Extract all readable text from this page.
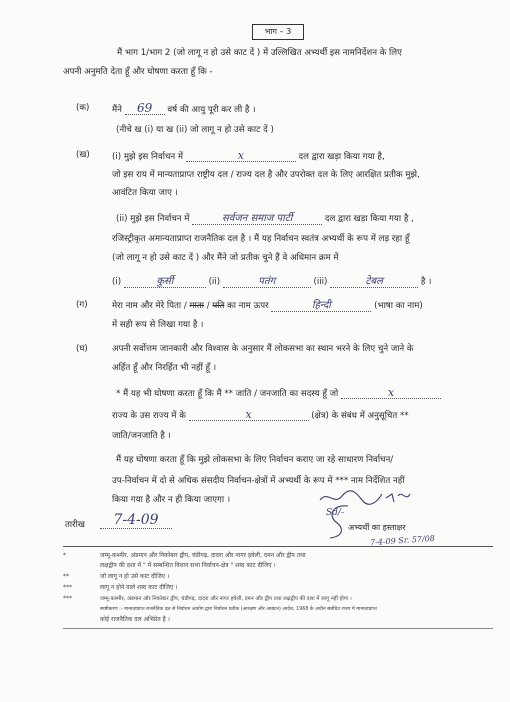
भाग – 3
मैं भाग 1/भाग 2 (जो लागू न हो उसे काट दें ) में उल्लिखित अभ्यर्थी इस नामनिर्देशन के लिए
अपनी अनुमति देता हूँ और घोषणा करता हूँ कि -
(क)	मैंने 69 वर्ष की आयु पूरी कर ली है ।
(नीचे ख (i) या ख (ii) जो लागू न हो उसे काट दें )
(ख)	(i) मुझे इस निर्वाचन में	x	दल द्वारा खड़ा किया गया है,
जो इस राय में मान्यताप्राप्त राष्ट्रीय दल / राज्य दल है और उपरोक्त दल के लिए आरक्षित प्रतीक मुझे,
आवंटित किया जाए ।
(ii) मुझे इस निर्वाचन में	सर्वजन समाज पार्टी	दल द्वारा खड़ा किया गया है ,
रजिस्ट्रीकृत अमान्यताप्राप्त राजनैतिक दल है । मैं यह निर्वाचन स्वतंत्र अभ्यर्थी के रूप में लड़ रहा हूँ
(जो लागू न हो उसे काट दें ) और मैंने जो प्रतीक चुने हैं वे अधिमान क्रम में
(i)	कुर्सी	(ii)	पतंग	(iii)	टेबल	है ।
(ग)	मेरा नाम और मेरे पिता / माता / पति का नाम ऊपर	हिन्दी	(भाषा का नाम)
में सही रूप से लिखा गया है ।
(घ)	अपनी सर्वोत्तम जानकारी और विश्वास के अनुसार मैं लोकसभा का स्थान भरने के लिए चुने जाने के
अर्हित हूँ और निरर्हित भी नहीं हूँ ।
* मैं यह भी घोषणा करता हूँ कि मैं ** जाति / जनजाति का सदस्य हूँ जो	x
राज्य के उस राज्य में के	x	(क्षेत्र) के संबंध में अनुसूचित **
जाति/जनजाति है ।
मैं यह घोषणा करता हूँ कि मुझे लोकसभा के लिए निर्वाचन कराए जा रहे साधारण निर्वाचन/
उप-निर्वाचन में दो से अधिक संसदीय निर्वाचन-क्षेत्रों में अभ्यर्थी के रूप में *** नाम निर्देशित नहीं
किया गया है और न ही किया जाएगा ।
तारीख	7-4-09	Sd/-
अभ्यर्थी का हस्ताक्षर
7-4-09 Sr. 57/08
*	जम्मू-कश्मीर, अंडमान और निकोबार द्वीप, चंडीगढ़, दादरा और नागर हवेली, दमन और द्वीप तथा
लक्षद्वीप की दशा में " में सम्बन्धित विधान सभा निर्वाचन-क्षेत्र " शब्द काट दीजिए ।
**	जो लागू न हो उसे काट दीजिए ।
***	लागू न होने वाले शब्द काट दीजिए ।
***	जम्मू-कश्मीर, अंडमान और निकोबार द्वीप, चंडीगढ़, दादरा और नागर हवेली, दमन और द्वीप तथा लक्षद्वीप की दशा में लागू नहीं होगा ।
स्पष्टीकरण :- मान्यताप्राप्त राजनैतिक दल से निर्वाचन आयोग द्वारा निर्वाचन प्रतीक (आरक्षण और आबंटन) आदेश, 1968 के अधीन संबंधित राज्य में मान्यताप्राप्त
कोई राजनैतिक दल अभिप्रेत है ।
